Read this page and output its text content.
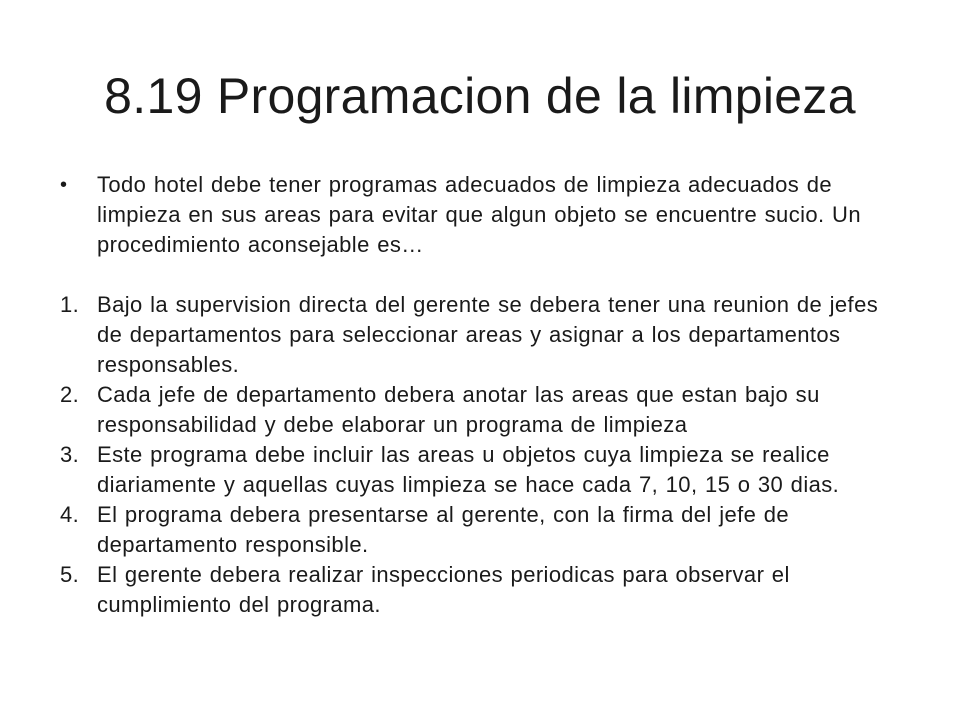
8.19 Programacion de la limpieza
•	Todo hotel debe tener programas adecuados de limpieza adecuados de limpieza en sus areas para evitar que algun objeto se encuentre sucio. Un procedimiento aconsejable es…
1. Bajo la supervision directa del gerente se debera tener una reunion de jefes de departamentos para seleccionar areas y asignar a los departamentos responsables.
2. Cada jefe de departamento debera anotar las areas que estan bajo su responsabilidad y debe elaborar un programa de limpieza
3. Este programa debe incluir las areas u objetos cuya limpieza se realice diariamente y aquellas cuyas limpieza se hace cada 7, 10, 15 o 30 dias.
4. El programa debera presentarse al gerente, con la firma del jefe de departamento responsible.
5. El gerente debera realizar inspecciones periodicas para observar el cumplimiento del programa.
